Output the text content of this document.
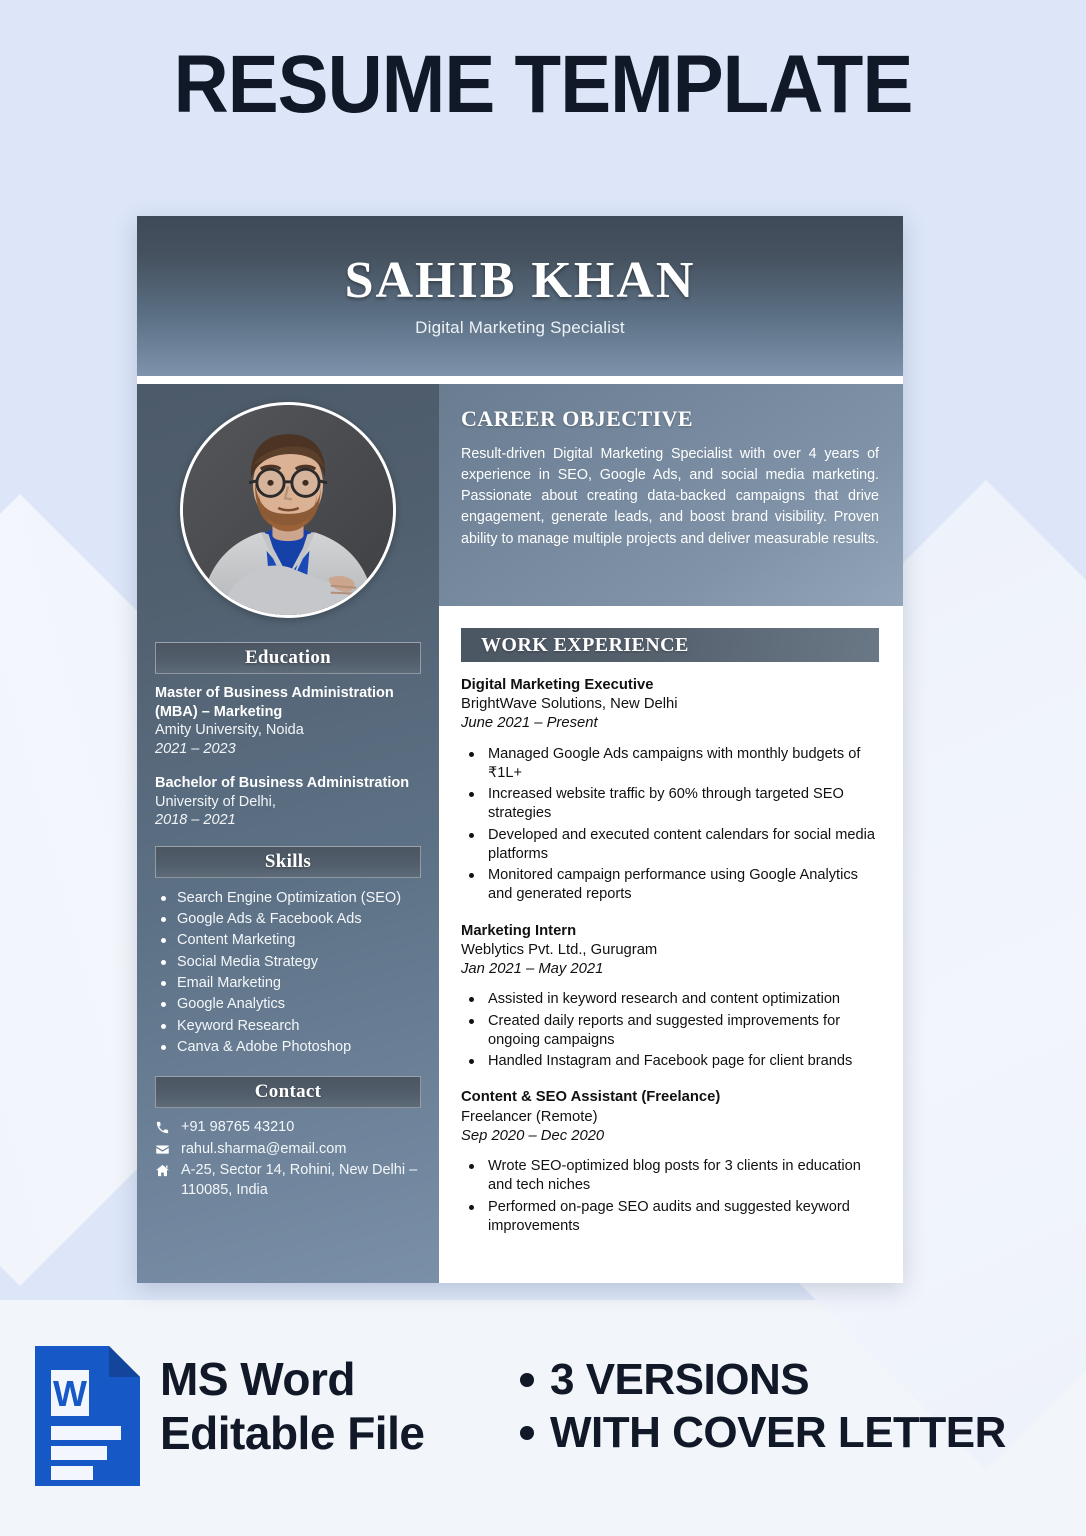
RESUME TEMPLATE
SAHIB KHAN
Digital Marketing Specialist
Education
Master of Business Administration (MBA) – Marketing
Amity University, Noida
2021 – 2023
Bachelor of Business Administration
University of Delhi,
2018 – 2021
Skills
Search Engine Optimization (SEO)
Google Ads & Facebook Ads
Content Marketing
Social Media Strategy
Email Marketing
Google Analytics
Keyword Research
Canva & Adobe Photoshop
Contact
+91 98765 43210
rahul.sharma@email.com
A-25, Sector 14, Rohini, New Delhi – 110085, India
CAREER OBJECTIVE
Result-driven Digital Marketing Specialist with over 4 years of experience in SEO, Google Ads, and social media marketing. Passionate about creating data-backed campaigns that drive engagement, generate leads, and boost brand visibility. Proven ability to manage multiple projects and deliver measurable results.
WORK EXPERIENCE
Digital Marketing Executive
BrightWave Solutions, New Delhi
June 2021 – Present
Managed Google Ads campaigns with monthly budgets of ₹1L+
Increased website traffic by 60% through targeted SEO strategies
Developed and executed content calendars for social media platforms
Monitored campaign performance using Google Analytics and generated reports
Marketing Intern
Weblytics Pvt. Ltd., Gurugram
Jan 2021 – May 2021
Assisted in keyword research and content optimization
Created daily reports and suggested improvements for ongoing campaigns
Handled Instagram and Facebook page for client brands
Content & SEO Assistant (Freelance)
Freelancer (Remote)
Sep 2020 – Dec 2020
Wrote SEO-optimized blog posts for 3 clients in education and tech niches
Performed on-page SEO audits and suggested keyword improvements
W MS Word
Editable File
3 VERSIONS
WITH COVER LETTER
